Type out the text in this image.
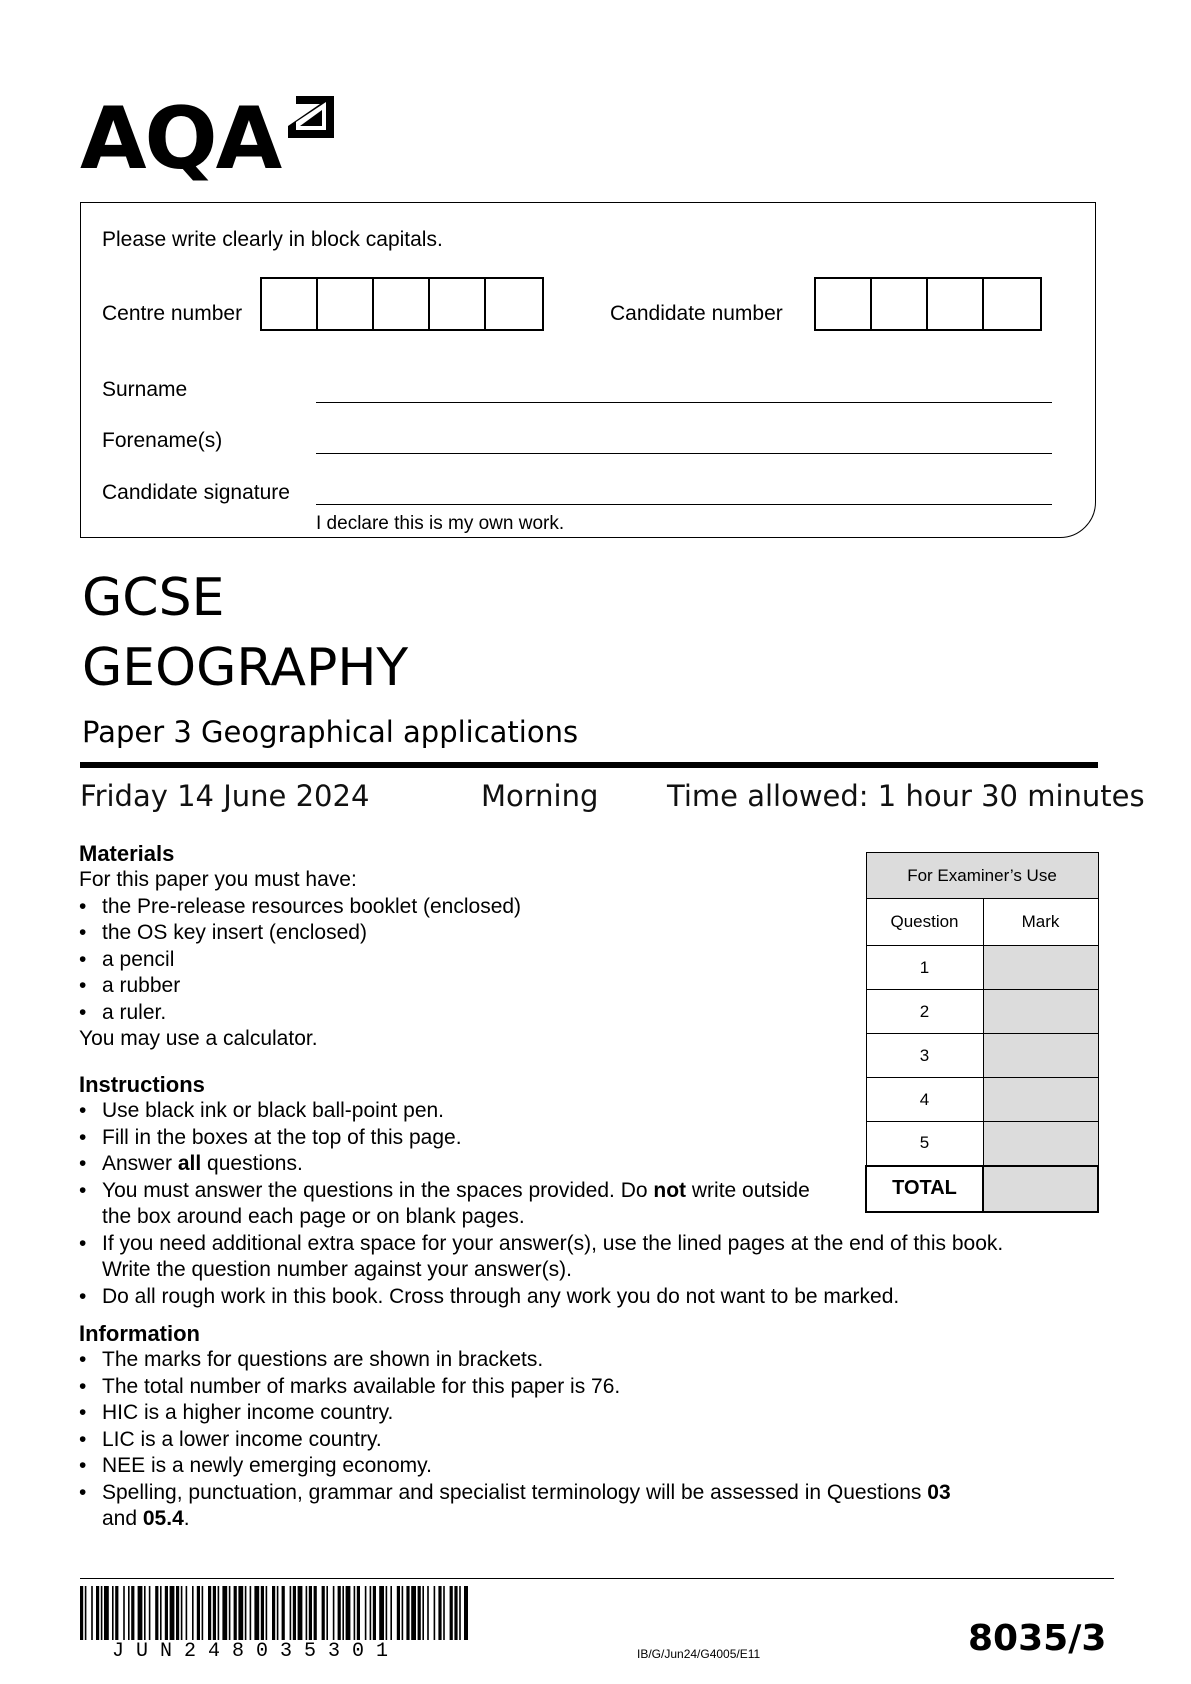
AQA
Please write clearly in block capitals.
Centre number	Candidate number
Surname
Forename(s)
Candidate signature
I declare this is my own work.
GCSE
GEOGRAPHY
Paper 3 Geographical applications
Friday 14 June 2024	Morning Time allowed: 1 hour 30 minutes
For Examiner’s Use	
Question	Mark
1	
2	
3	
4	
5	
TOTAL	
Materials

For this paper you must have:

• the Pre-release resources booklet (enclosed)
• the OS key insert (enclosed)
• a pencil
• a rubber
• a ruler.

You may use a calculator.

Instructions
• Use black ink or black ball-point pen.
• Fill in the boxes at the top of this page.
• Answer all questions.
• You must answer the questions in the spaces provided. Do not write outside
the box around each page or on blank pages.
• If you need additional extra space for your answer(s), use the lined pages at the end of this book.
Write the question number against your answer(s).
• Do all rough work in this book. Cross through any work you do not want to be marked.
Information
• The marks for questions are shown in brackets.
• The total number of marks available for this paper is 76.
• HIC is a higher income country.
• LIC is a lower income country.
• NEE is a newly emerging economy.
• Spelling, punctuation, grammar and specialist terminology will be assessed in Questions 03
and 05.4.
JUN248035301	IB/G/Jun24/G4005/E11	8035/3
